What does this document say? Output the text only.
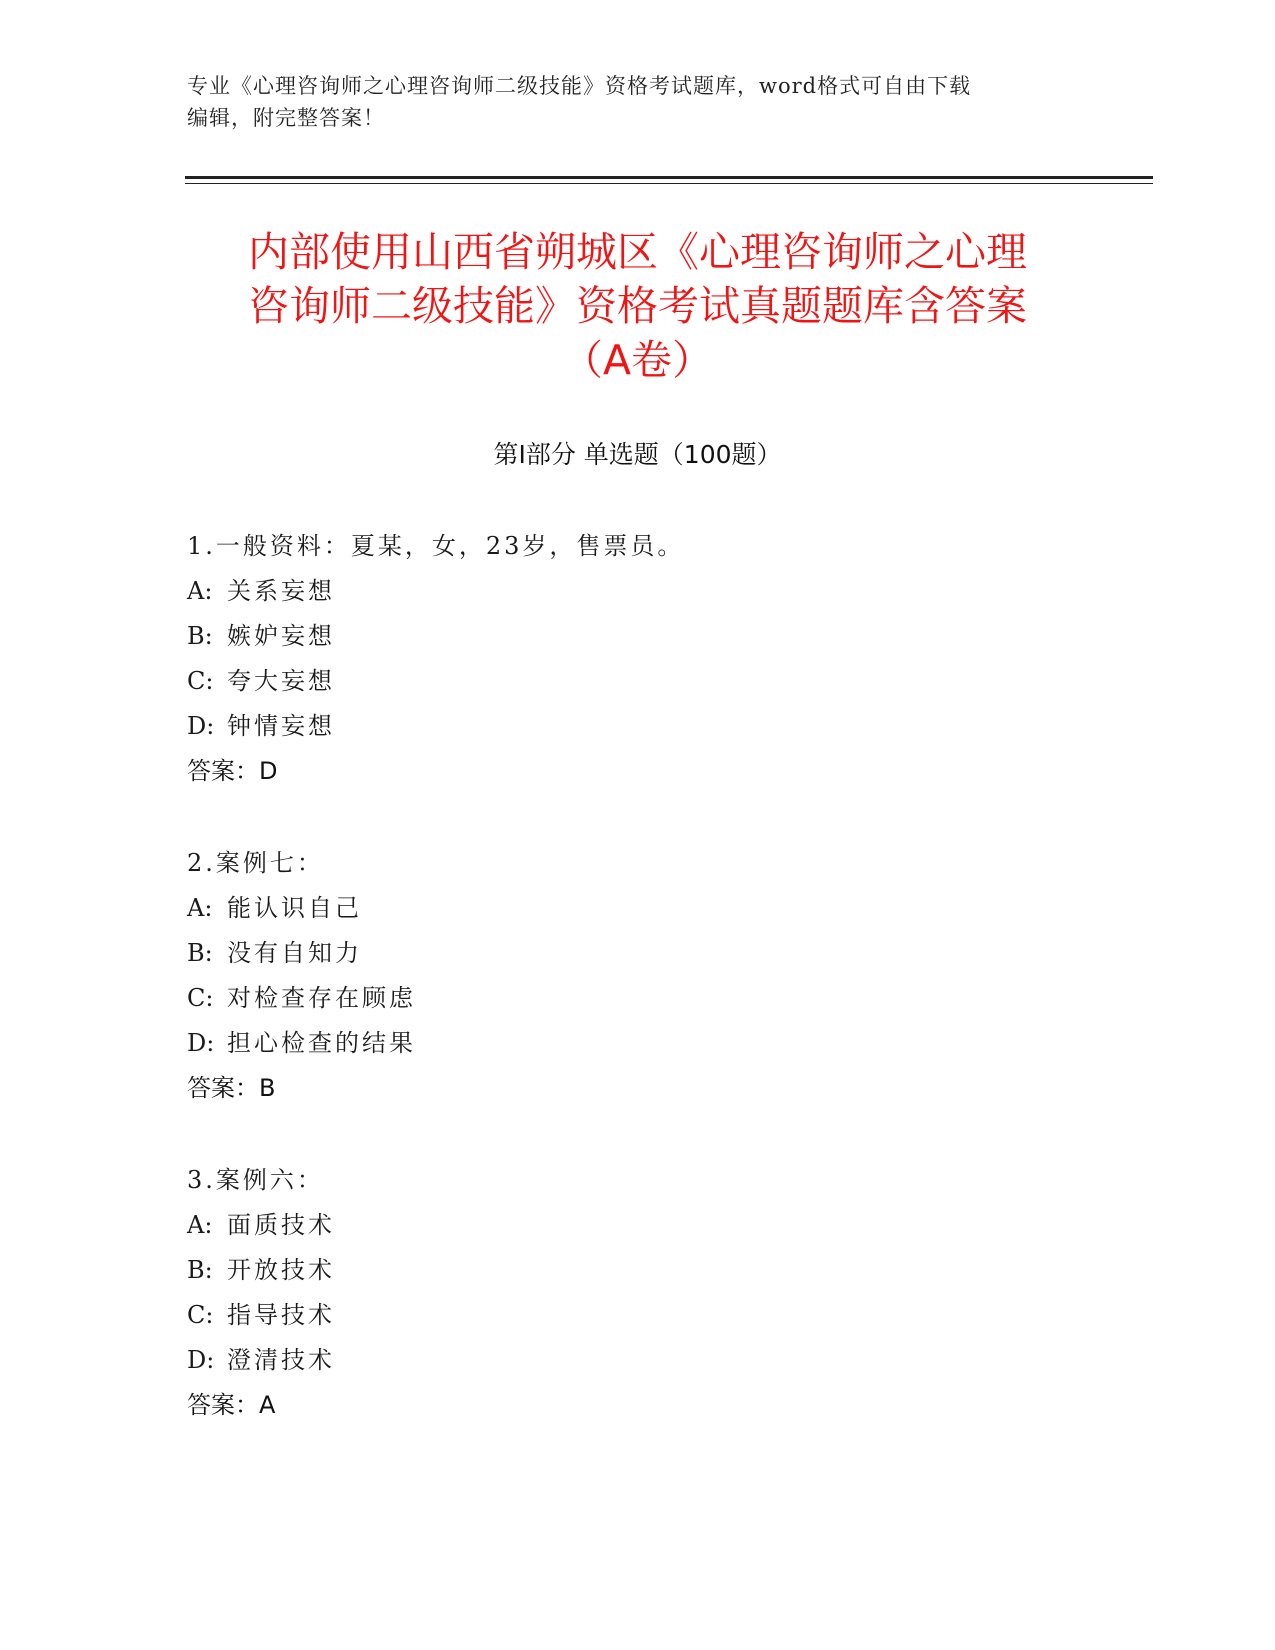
专业《心理咨询师之心理咨询师二级技能》资格考试题库，word格式可自由下载

编辑，附完整答案！

内部使用山西省朔城区《心理咨询师之心理
咨询师二级技能》资格考试真题题库含答案
（A卷）
第Ⅰ部分 单选题（100题）
1.一般资料：夏某，女，23岁，售票员。
A: 关系妄想
B: 嫉妒妄想
C: 夸大妄想
D: 钟情妄想
答案：D
2.案例七：
A: 能认识自己
B: 没有自知力
C: 对检查存在顾虑
D: 担心检查的结果
答案：B
3.案例六：
A: 面质技术
B: 开放技术
C: 指导技术
D: 澄清技术
答案：A
